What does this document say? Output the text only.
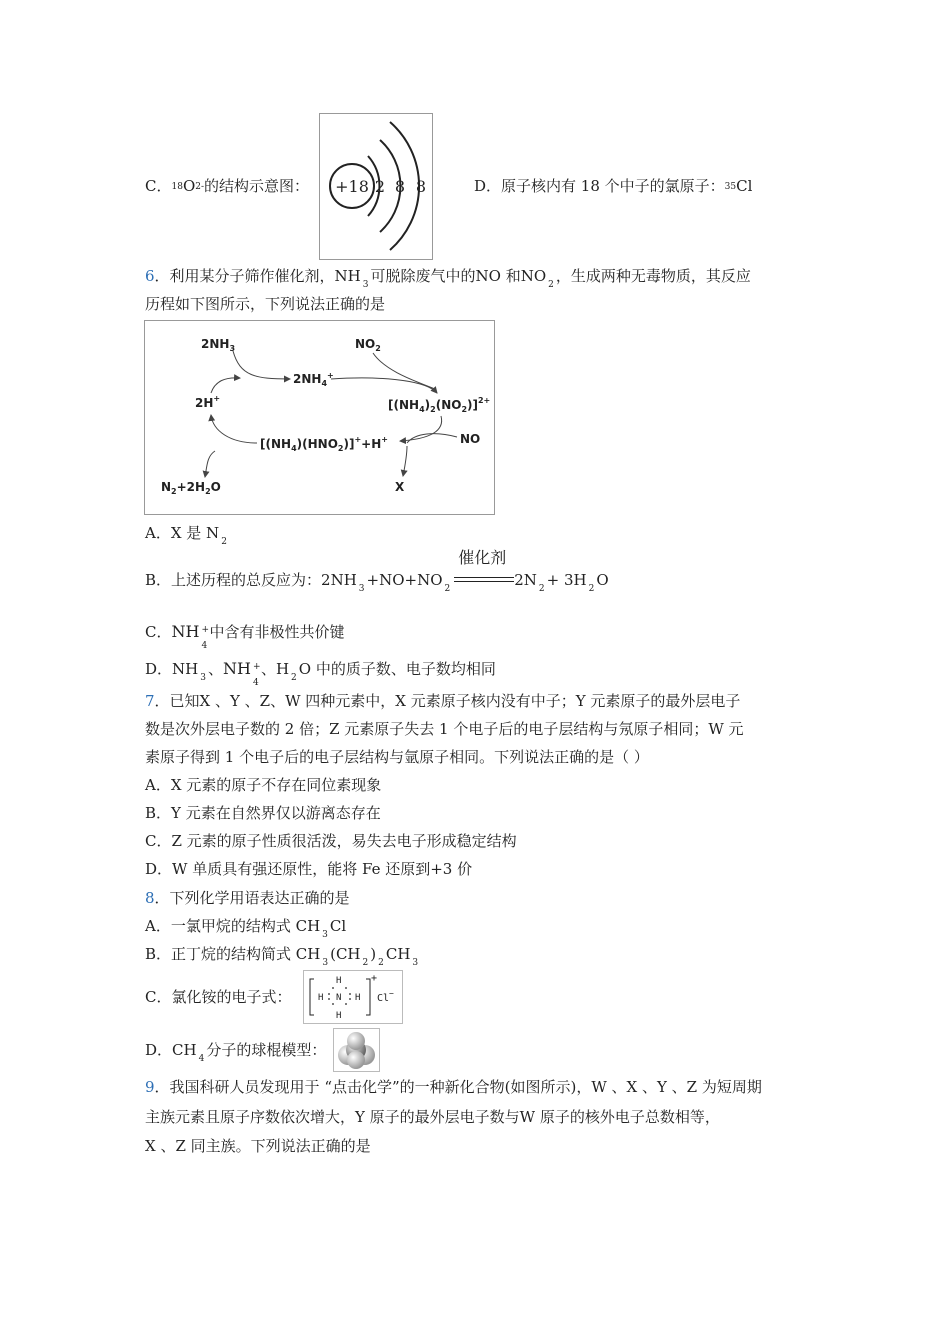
C．18O2-的结构示意图： +18 2 8 8	D．原子核内有 18 个中子的氯原子：35Cl
6．利用某分子筛作催化剂，NH $_3$ 可脱除废气中的NO 和NO $_2$ ，生成两种无毒物质，其反应
历程如下图所示，下列说法正确的是
$2NH_3$	$NO_2$
$2NH_4^+$
2H+	$[(NH_4)_2(NO_2)]^{2+}$
$[(NH_4)(HNO_2)]^++H^+$	NO
$N_2+2H_2O$	X
A．X 是 N $_2$
B．上述历程的总反应为：2NH $_3$ +NO+NO $_2$
催化剂
2N $_2$ + 3H $_2$ O
C．NH +
4
中含有非极性共价键
D．NH $_3$ 、NH +
4
、H $_2$ O 中的质子数、电子数均相同
7．已知X 、Y 、Z、W 四种元素中，X 元素原子核内没有中子；Y 元素原子的最外层电子
数是次外层电子数的 2 倍；Z 元素原子失去 1 个电子后的电子层结构与氖原子相同；W 元
素原子得到 1 个电子后的电子层结构与氩原子相同。下列说法正确的是（ ）
A．X 元素的原子不存在同位素现象
B．Y 元素在自然界仅以游离态存在
C．Z 元素的原子性质很活泼，易失去电子形成稳定结构
D．W 单质具有强还原性，能将 Fe 还原到+3 价
8．下列化学用语表达正确的是
A．一氯甲烷的结构式 CH $_3$ Cl
B．正丁烷的结构简式 CH $_3$ (CH $_2$ ) $_2$ CH $_3$
C．氯化铵的电子式：
H
H N H
H
+
Cl−
D．CH $_4$ 分子的球棍模型：
9．我国科研人员发现用于 “点击化学”的一种新化合物(如图所示)，W 、X 、Y 、Z 为短周期
主族元素且原子序数依次增大，Y 原子的最外层电子数与W 原子的核外电子总数相等，
X 、Z 同主族。下列说法正确的是
